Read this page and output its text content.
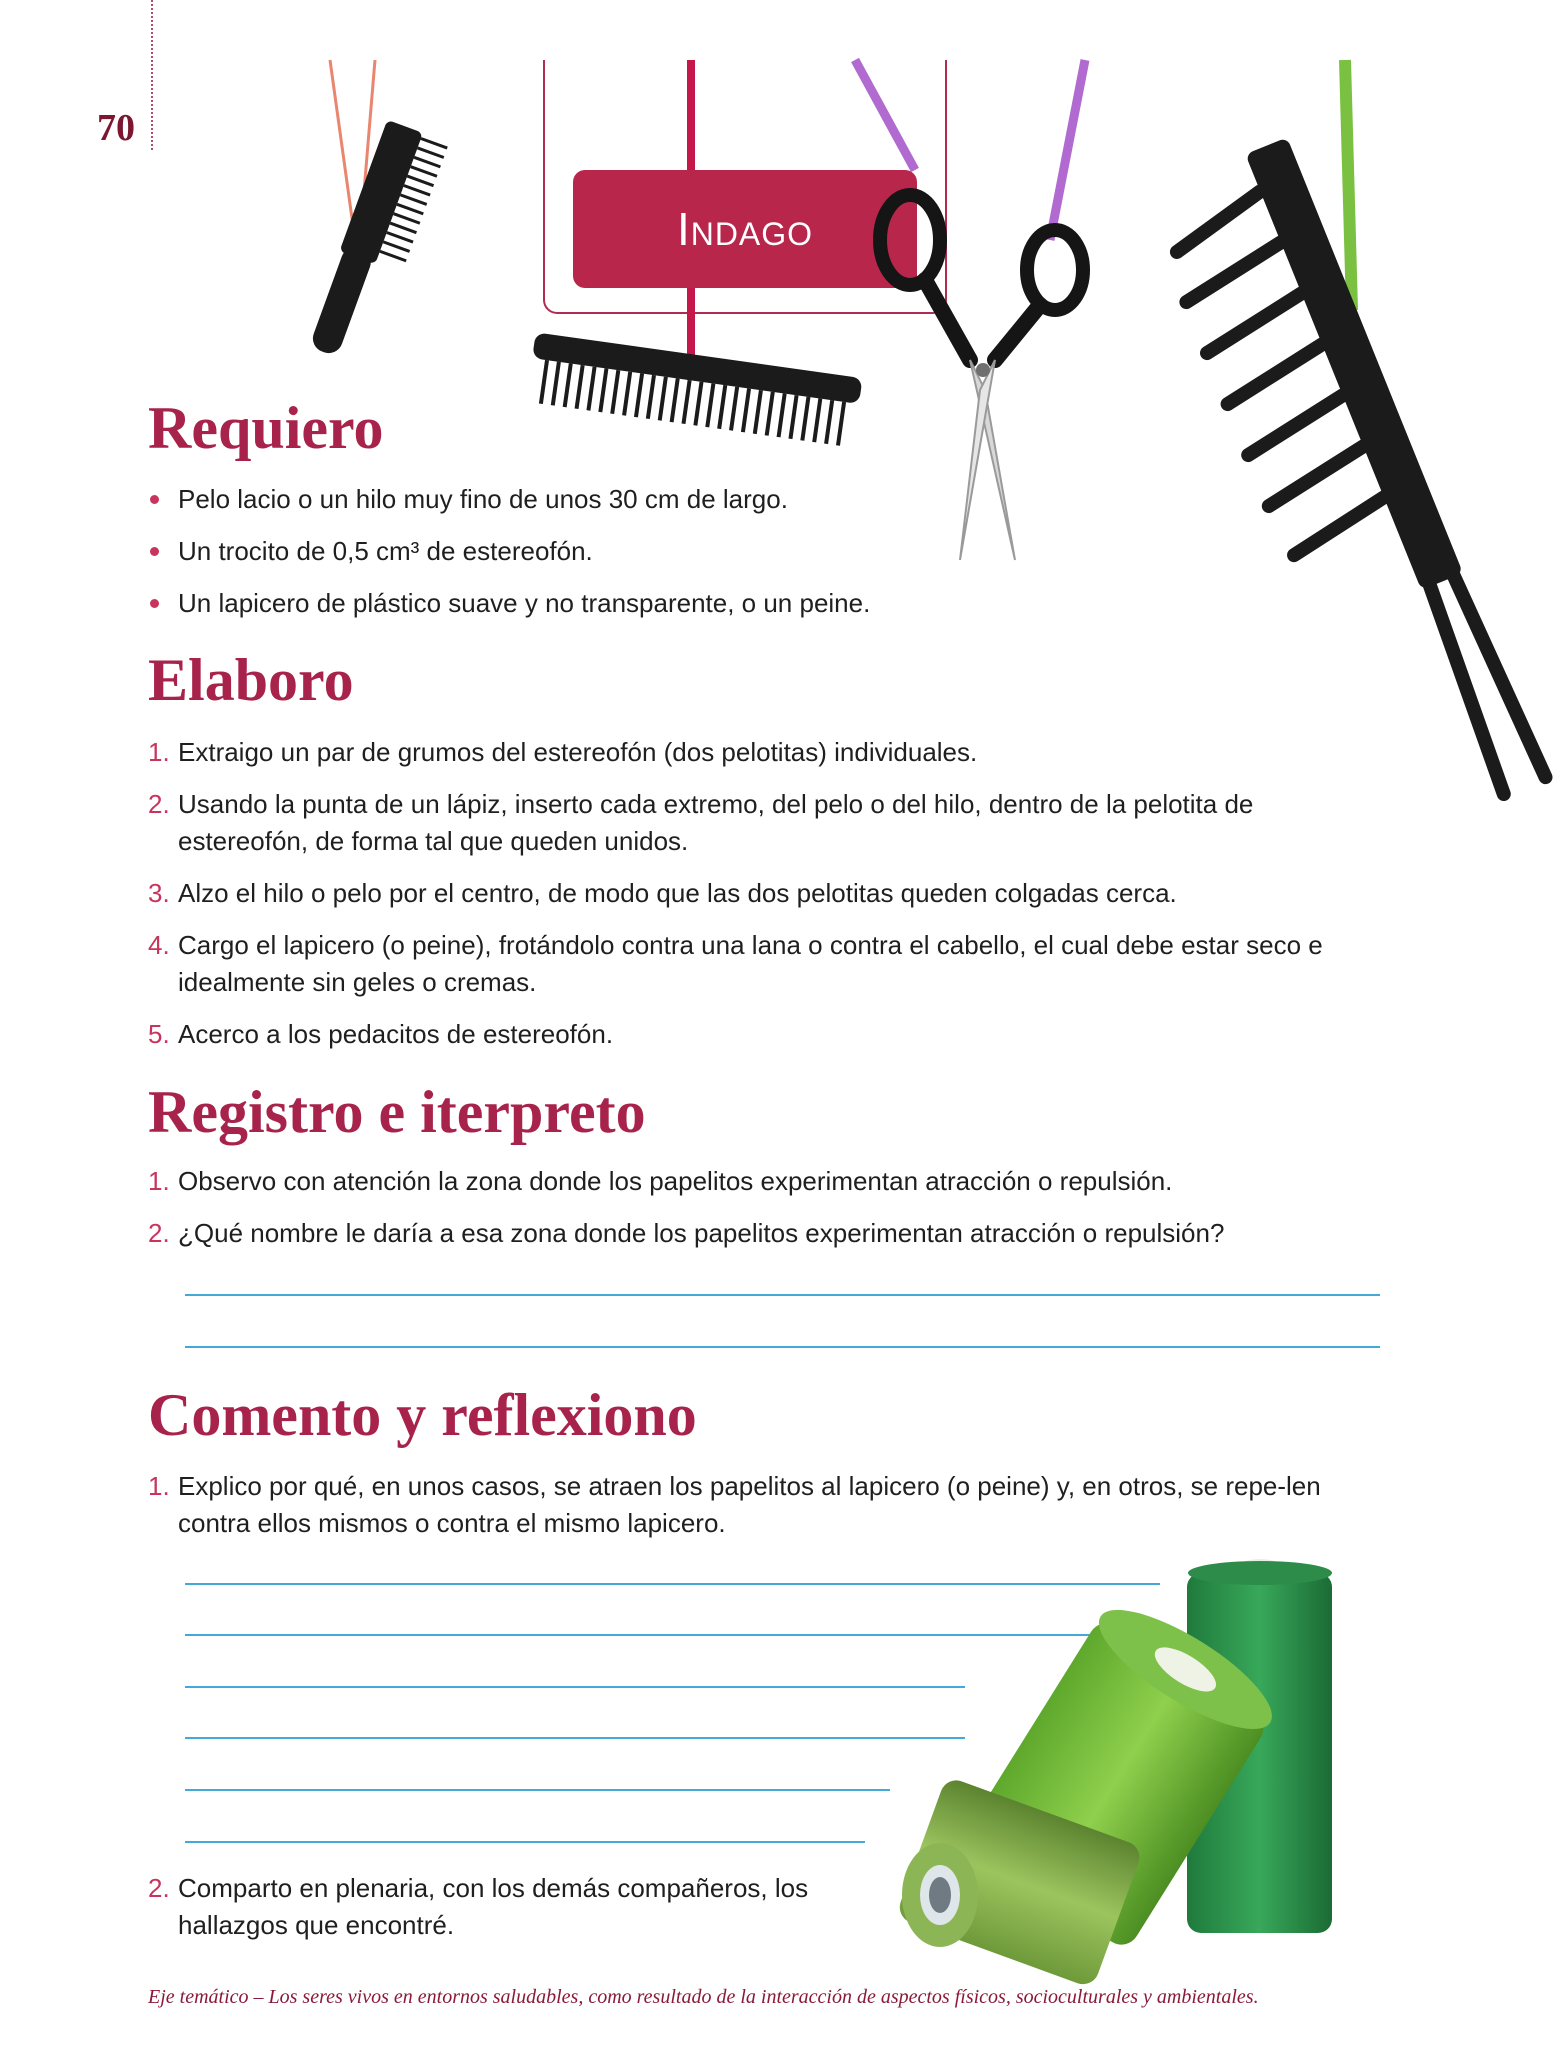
70
Indago
Requiero
Pelo lacio o un hilo muy fino de unos 30 cm de largo.
Un trocito de 0,5 cm³ de estereofón.
Un lapicero de plástico suave y no transparente, o un peine.
Elaboro
1. Extraigo un par de grumos del estereofón (dos pelotitas) individuales.
2. Usando la punta de un lápiz, inserto cada extremo, del pelo o del hilo, dentro de la pelotita de estereofón, de forma tal que queden unidos.
3. Alzo el hilo o pelo por el centro, de modo que las dos pelotitas queden colgadas cerca.
4. Cargo el lapicero (o peine), frotándolo contra una lana o contra el cabello, el cual debe estar seco e idealmente sin geles o cremas.
5. Acerco a los pedacitos de estereofón.
Registro e iterpreto
1. Observo con atención la zona donde los papelitos experimentan atracción o repulsión.
2. ¿Qué nombre le daría a esa zona donde los papelitos experimentan atracción o repulsión?
Comento y reflexiono
1. Explico por qué, en unos casos, se atraen los papelitos al lapicero (o peine) y, en otros, se repe-len contra ellos mismos o contra el mismo lapicero.
2. Comparto en plenaria, con los demás compañeros, los hallazgos que encontré.
Eje temático – Los seres vivos en entornos saludables, como resultado de la interacción de aspectos físicos, socioculturales y ambientales.
